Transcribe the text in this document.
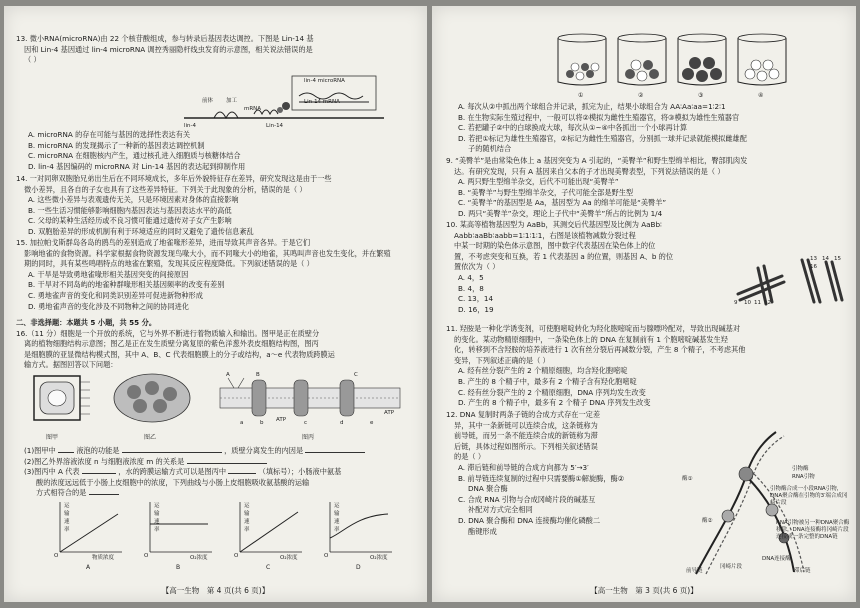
13. 微小RNA(microRNA)由 22 个核苷酸组成，参与转录后基因表达调控。下图是 Lin-14 基

因和 Lin-4 基因通过 lin-4 microRNA 调控秀丽隐杆线虫发育的示意图，相关说法错误的是

（ ）

lin-4 microRNA
Lin-14 mRNA
lin-4	Lin-14
mRNA
前体 加工

A. microRNA 的存在可能与基因的选择性表达有关

B. microRNA 的发现揭示了一种新的基因表达调控机制

C. microRNA 在细胞核内产生，通过核孔进入细胞质与核糖体结合

D. lin-4 基因编码的 microRNA 对 Lin-14 基因的表达起到抑制作用

14. 一对同卵双胞胎兄弟出生后在不同环境成长，多年后外貌特征存在差异，研究发现这是由于一些

微小差异，且各自的子女也具有了这些差异特征。下列关于此现象的分析，错误的是（ ）

A. 这些微小差异与表观遗传无关，只是环境因素对身体的直接影响

B. 一些生活习惯能够影响细胞内基因表达与基因表达水平的高低

C. 父母的某种生活经历或不良习惯可能通过遗传对子女产生影响

D. 双胞胎差异的形成机制有利于环境适应的同时又避免了遗传信息紊乱

15. 加拉帕戈斯群岛各岛的鸥鸟的差别造成了地雀喙形差异，进而导致其声音各异。于是它们

影响地雀的食物资源。科学家根据食物资源发现鸟喙大小，而不同喙大小的地雀，其鸣叫声音也发生变化，并在繁殖

期的同时，具有某些鸣唱特点的地雀在繁殖，发现其反应程度降低。下列叙述错误的是（ ）

A. 干旱是导致勇地雀喙形相关基因突变的间接原因

B. 干旱对不同岛屿的地雀种群喙形相关基因频率的改变有差别

C. 勇地雀声音的变化和同类识别差异可促进新物种形成

D. 勇地雀声音的变化涉及不同物种之间的协同进化

二、非选择题：本题共 5 小题，共 55 分。

16.（11 分）细胞是一个开放的系统，它与外界不断进行着物质输入和输出。图甲是正在质壁分

离的植物细胞结构示意图；图乙是正在发生质壁分离复原的紫色洋葱外表皮细胞结构图，图丙

是细胞膜的亚显微结构模式图，其中 A、B、C 代表细胞膜上的分子或结构，a～e 代表物质跨膜运

输方式。据图回答以下问题：

图甲	图乙	图丙
ATP
ATP
A	B	C
a	b	c	d	e

(1)图甲中	液泡的功能是	，质壁分离发生的内因是

(2)图乙外界溶液浓度 n 与细胞液浓度 m 的关系是

(3)图丙中 A 代表	，水的跨膜运输方式可以是图丙中	（填标号）；小肠液中氨基

酸的浓度远远低于小肠上皮细胞中的浓度，下列曲线与小肠上皮细胞吸收氨基酸的运输

方式相符合的是

运输速率
运输速率
运输速率
运输速率
O	O	O	O
物质浓度	O₂浓度	O₂浓度	O₂浓度
A	B	C	D
【高一生物　第 4 页(共 6 页)】
①	②	③	④

A. 每次从②中抓出两个球组合并记录，抓完为止，结果小球组合为 AA∶Aa∶aa=1∶2∶1

B. 在生物实际生殖过程中，一般可以将②模拟为雌性生殖器官，将③模拟为雄性生殖器官

C. 若把罐子②中的白球换成大球，每次从①~④中各抓出一个小球再计算

D. 若把①标记为雄性生殖器官，②标记为雌性生殖器官，分别抓一球并记录就能模拟雌雄配

子的随机结合

9. “美臀羊”是由常染色体上 a 基因突变为 A 引起的，“美臀羊”和野生型绵羊相比，臀部肌肉发

达。有研究发现，只有 A 基因来自父本的子才出现美臀表型，下列说法错误的是（ ）

A. 两只野生型绵羊杂交，后代不可能出现“美臀羊”

B. “美臀羊”与野生型绵羊杂交，子代可能全部是野生型

C. “美臀羊”的基因型是 Aa，基因型为 Aa 的绵羊可能是“美臀羊”

D. 两只“美臀羊”杂交，理论上子代中“美臀羊”所占的比例为 1/4

10. 某高等植物基因型为 AaBb，其测交后代基因型及比例为 AaBb∶

Aabb∶aaBb∶aabb=1∶1∶1∶1，右图是该植物减数分裂过程

中某一时期的染色体示意图，图中数字代表基因在染色体上的位

置，不考虑突变和互换，若 1 代表基因 a 的位置，则基因 A、b 的位

置依次为（ ）

A. 4，5

B. 4，8

C. 13，14

D. 16，19

9 10 11 12
13 14 15
16

11. 羟胺是一种化学诱变剂，可使胞嘧啶转化为羟化胞嘧啶而与腺嘌呤配对，导致出现碱基对

的变化。某动物精原细胞中，一条染色体上的 DNA 在复制前有 1 个胞嘧啶碱基发生羟

化，转移到不含羟胺的培养液进行 1 次有丝分裂后再减数分裂，产生 8 个精子，不考虑其他

变异，下列叙述正确的是（ ）

A. 经有丝分裂产生的 2 个精原细胞，均含羟化胞嘧啶

B. 产生的 8 个精子中，最多有 2 个精子含有羟化胞嘧啶

C. 经有丝分裂产生的 2 个精原细胞，DNA 序列均发生改变

D. 产生的 8 个精子中，最多有 2 个精子 DNA 序列发生改变

12. DNA 复制时两条子链的合成方式存在一定差

异，其中一条新链可以连续合成，这条链称为

前导链，而另一条不能连续合成的新链称为滞

后链，具体过程如图所示。下列相关叙述错误

的是（ ）

A. 滞后链和前导链的合成方向都为 5′→3′

B. 前导链连续复制的过程中只需要酶①解旋酶，酶②

DNA 聚合酶

C. 合成 RNA 引物与合成冈崎片段的碱基互

补配对方式完全相同

D. DNA 聚合酶和 DNA 连接酶均催化磷酸二

酯键形成

酶①
酶②
引物酶
RNA引物
引物酶合成一小段RNA引物，DNA聚合酶在引物的3′端合成冈崎片段
RNA引物被另一种DNA聚合酶移除，DNA连接酶将冈崎片段连接成一条完整的DNA链
DNA连接酶
冈崎片段
滞后链
前导链
【高一生物　第 3 页(共 6 页)】
